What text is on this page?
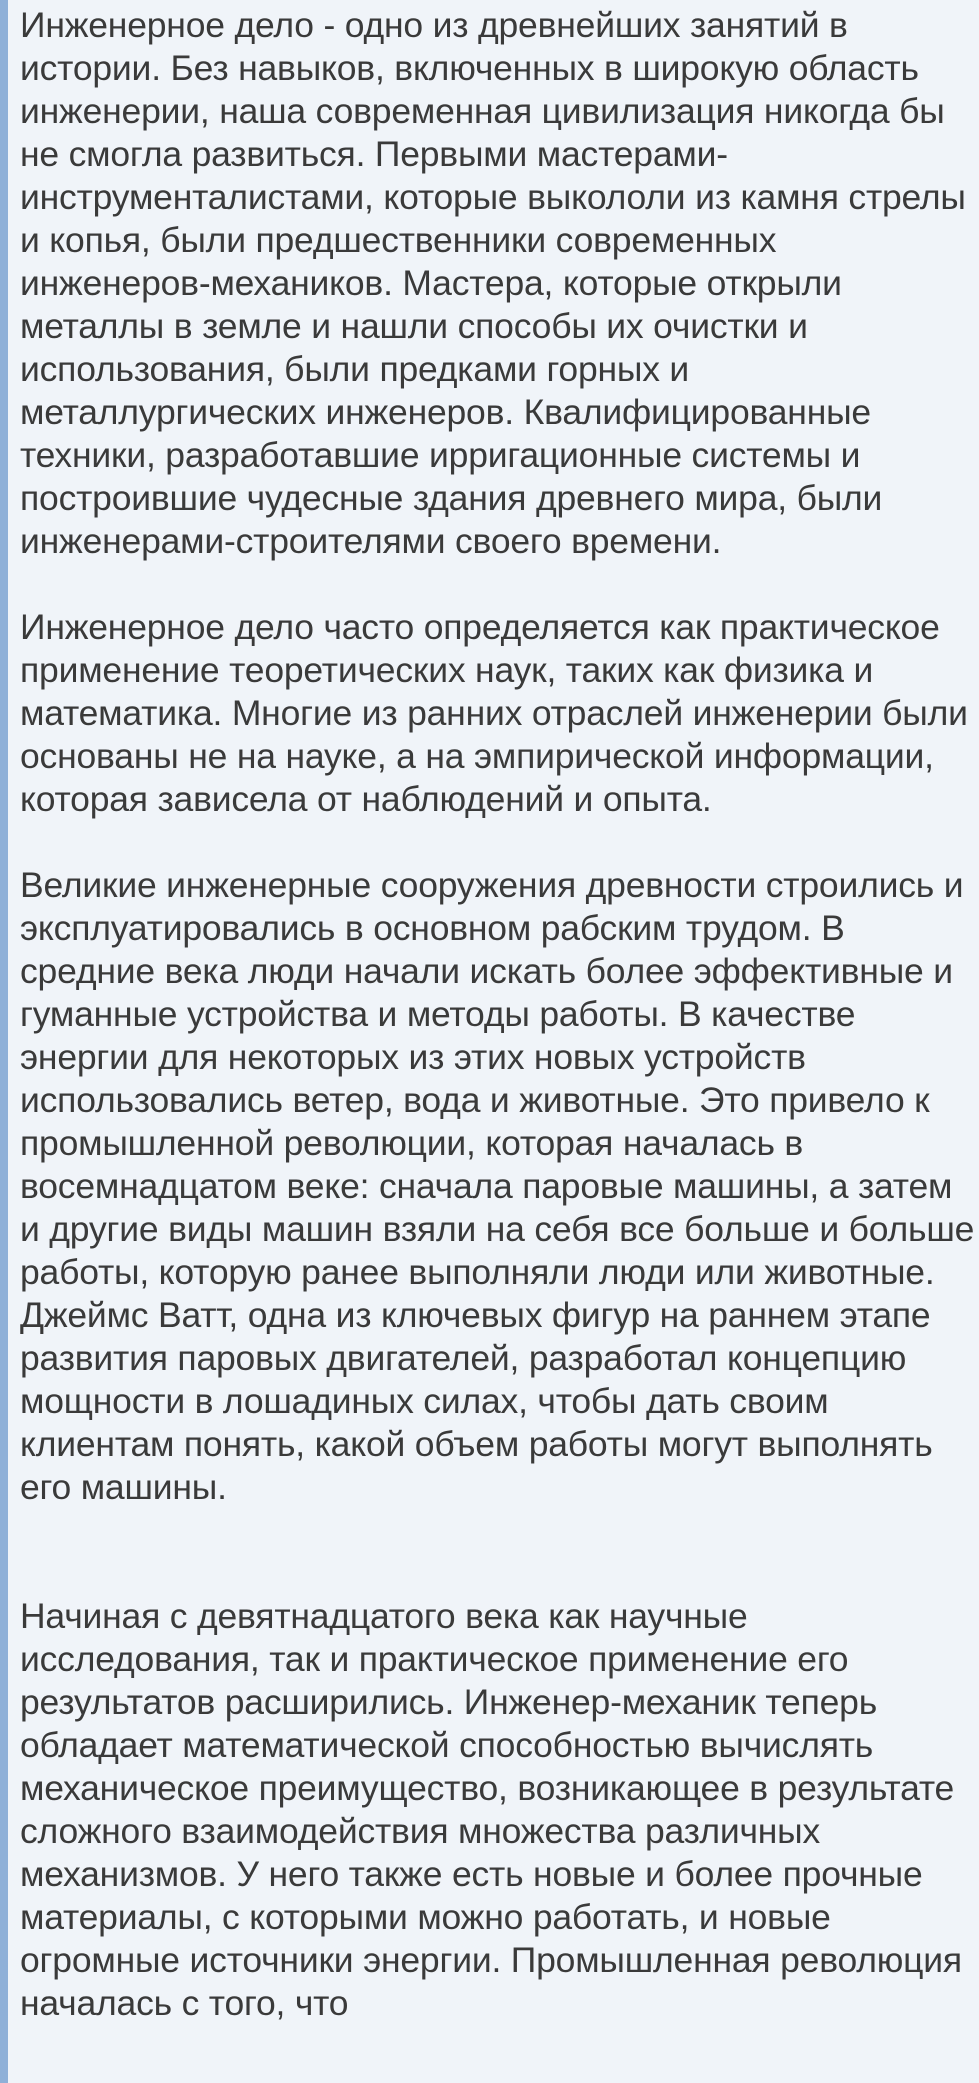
Инженерное дело - одно из древнейших занятий в истории. Без навыков, включенных в широкую область инженерии, наша современная цивилизация никогда бы не смогла развиться. Первыми мастерами-инструменталистами, которые выкололи из камня стрелы и копья, были предшественники современных инженеров-механиков. Мастера, которые открыли металлы в земле и нашли способы их очистки и использования, были предками горных и металлургических инженеров. Квалифицированные техники, разработавшие ирригационные системы и построившие чудесные здания древнего мира, были инженерами-строителями своего времени.

Инженерное дело часто определяется как практическое применение теоретических наук, таких как физика и математика. Многие из ранних отраслей инженерии были основаны не на науке, а на эмпирической информации, которая зависела от наблюдений и опыта.

Великие инженерные сооружения древности строились и эксплуатировались в основном рабским трудом. В средние века люди начали искать более эффективные и гуманные устройства и методы работы. В качестве энергии для некоторых из этих новых устройств использовались ветер, вода и животные. Это привело к промышленной революции, которая началась в восемнадцатом веке: сначала паровые машины, а затем и другие виды машин взяли на себя все больше и больше работы, которую ранее выполняли люди или животные. Джеймс Ватт, одна из ключевых фигур на раннем этапе развития паровых двигателей, разработал концепцию мощности в лошадиных силах, чтобы дать своим клиентам понять, какой объем работы могут выполнять его машины.

Начиная с девятнадцатого века как научные исследования, так и практическое применение его результатов расширились. Инженер-механик теперь обладает математической способностью вычислять механическое преимущество, возникающее в результате сложного взаимодействия множества различных механизмов. У него также есть новые и более прочные материалы, с которыми можно работать, и новые огромные источники энергии. Промышленная революция началась с того, что
